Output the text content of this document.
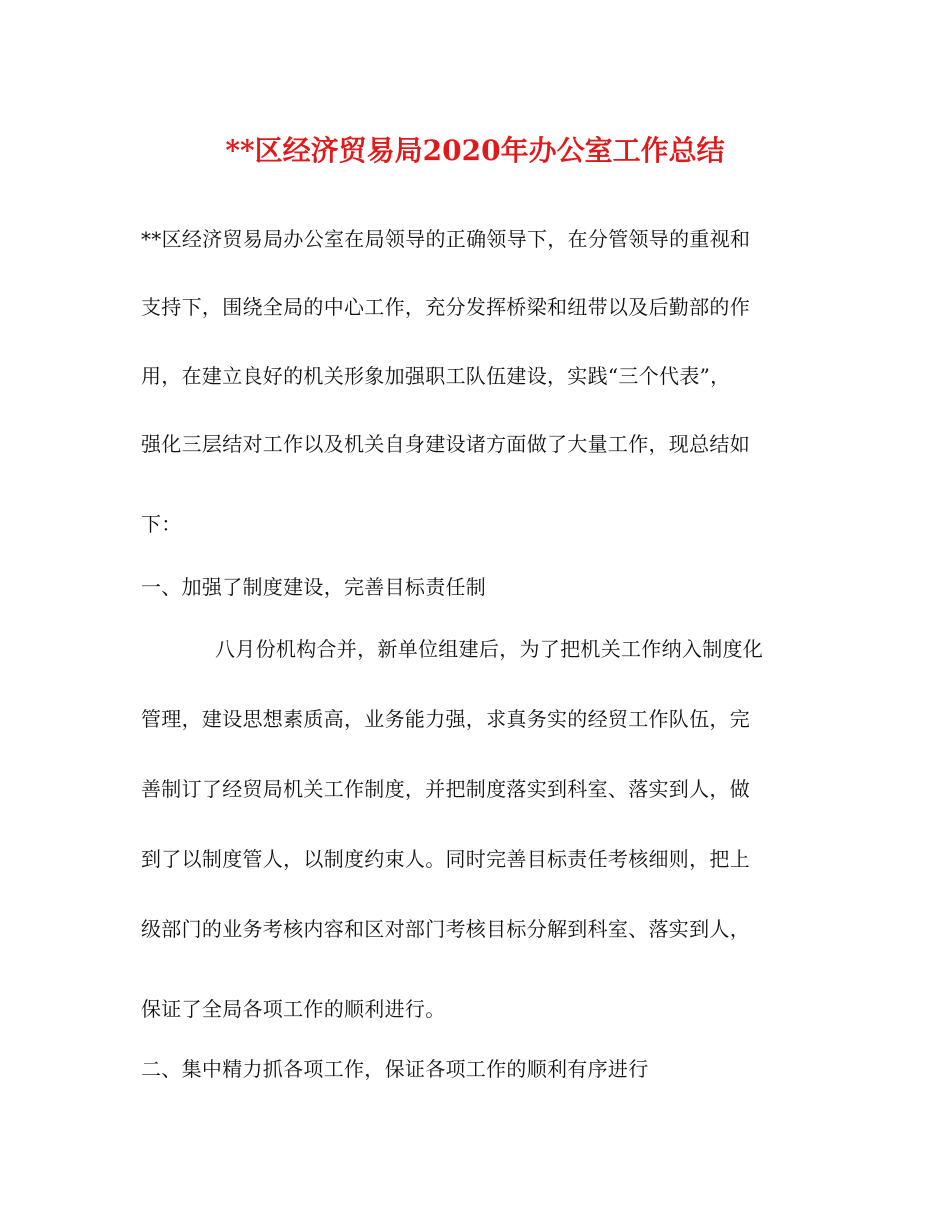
**区经济贸易局2020年办公室工作总结
**区经济贸易局办公室在局领导的正确领导下，在分管领导的重视和
支持下，围绕全局的中心工作，充分发挥桥梁和纽带以及后勤部的作
用，在建立良好的机关形象加强职工队伍建设，实践“三个代表”，
强化三层结对工作以及机关自身建设诸方面做了大量工作，现总结如
下：
一、加强了制度建设，完善目标责任制
八月份机构合并，新单位组建后，为了把机关工作纳入制度化
管理，建设思想素质高，业务能力强，求真务实的经贸工作队伍，完
善制订了经贸局机关工作制度，并把制度落实到科室、落实到人，做
到了以制度管人，以制度约束人。同时完善目标责任考核细则，把上
级部门的业务考核内容和区对部门考核目标分解到科室、落实到人，
保证了全局各项工作的顺利进行。
二、集中精力抓各项工作，保证各项工作的顺利有序进行
